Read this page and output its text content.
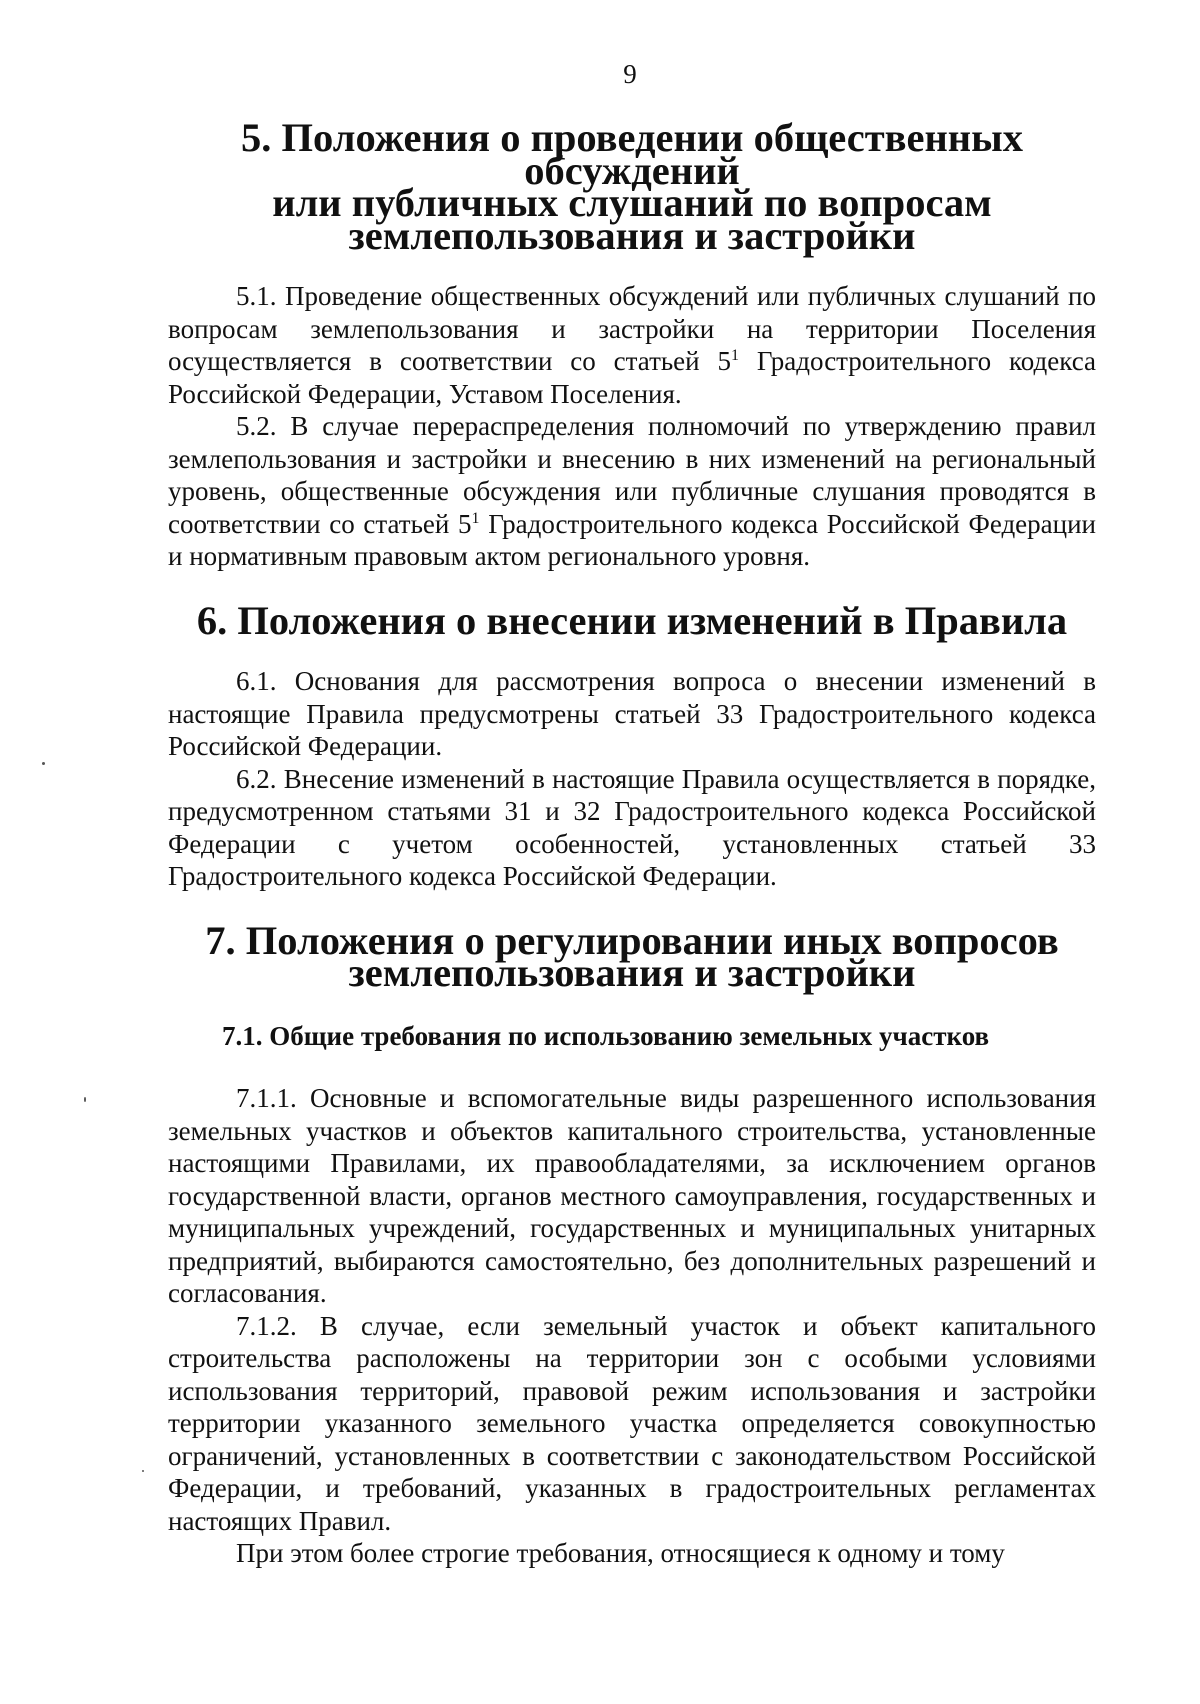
9
5. Положения о проведении общественных обсуждений
или публичных слушаний по вопросам землепользования и застройки

5.1. Проведение общественных обсуждений или публичных слушаний по вопросам землепользования и застройки на территории Поселения осуществляется в соответствии со статьей $5^1$ Градостроительного кодекса Российской Федерации, Уставом Поселения.

5.2. В случае перераспределения полномочий по утверждению правил землепользования и застройки и внесению в них изменений на региональный уровень, общественные обсуждения или публичные слушания проводятся в соответствии со статьей $5^1$ Градостроительного кодекса Российской Федерации и нормативным правовым актом регионального уровня.

6. Положения о внесении изменений в Правила

6.1. Основания для рассмотрения вопроса о внесении изменений в настоящие Правила предусмотрены статьей 33 Градостроительного кодекса Российской Федерации.

6.2. Внесение изменений в настоящие Правила осуществляется в порядке, предусмотренном статьями 31 и 32 Градостроительного кодекса Российской Федерации с учетом особенностей, установленных статьей 33 Градостроительного кодекса Российской Федерации.

7. Положения о регулировании иных вопросов
землепользования и застройки

7.1. Общие требования по использованию земельных участков

7.1.1. Основные и вспомогательные виды разрешенного использования земельных участков и объектов капитального строительства, установленные настоящими Правилами, их правообладателями, за исключением органов государственной власти, органов местного самоуправления, государственных и муниципальных учреждений, государственных и муниципальных унитарных предприятий, выбираются самостоятельно, без дополнительных разрешений и согласования.

7.1.2. В случае, если земельный участок и объект капитального строительства расположены на территории зон с особыми условиями использования территорий, правовой режим использования и застройки территории указанного земельного участка определяется совокупностью ограничений, установленных в соответствии с законодательством Российской Федерации, и требований, указанных в градостроительных регламентах настоящих Правил.

При этом более строгие требования, относящиеся к одному и тому
